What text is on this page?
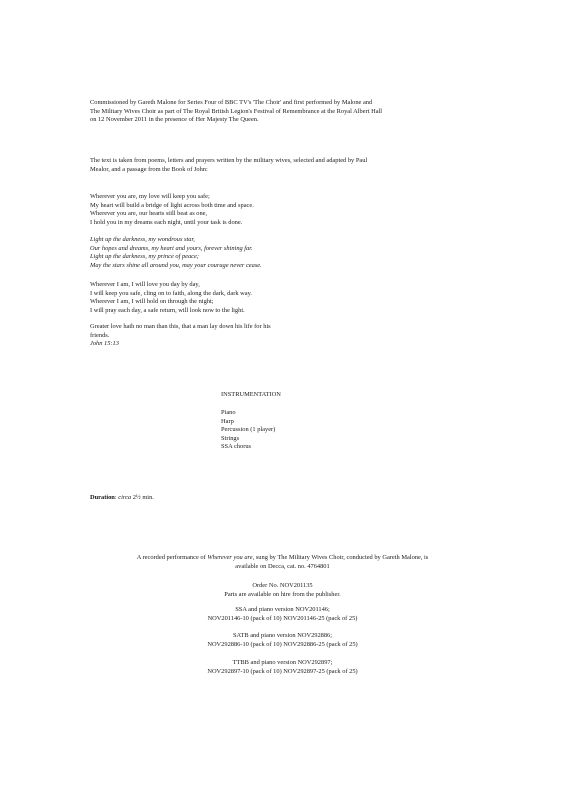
Commissioned by Gareth Malone for Series Four of BBC TV's 'The Choir' and first performed by Malone and
The Military Wives Choir as part of The Royal British Legion's Festival of Remembrance at the Royal Albert Hall
on 12 November 2011 in the presence of Her Majesty The Queen.

The text is taken from poems, letters and prayers written by the military wives, selected and adapted by Paul
Mealor, and a passage from the Book of John:

Wherever you are, my love will keep you safe;
My heart will build a bridge of light across both time and space.
Wherever you are, our hearts still beat as one,
I hold you in my dreams each night, until your task is done.

Light up the darkness, my wondrous star,
Our hopes and dreams, my heart and yours, forever shining far.
Light up the darkness, my prince of peace;
May the stars shine all around you, may your courage never cease.

Wherever I am, I will love you day by day,
I will keep you safe, cling on to faith, along the dark, dark way.
Wherever I am, I will hold on through the night;
I will pray each day, a safe return, will look now to the light.

Greater love hath no man than this, that a man lay down his life for his
friends.
John 15:13

INSTRUMENTATION

Piano
Harp
Percussion (1 player)
Strings
SSA chorus

Duration: circa 2½ min.

A recorded performance of Wherever you are, sung by The Military Wives Choir, conducted by Gareth Malone, is
available on Decca, cat. no. 4764801

Order No. NOV201135
Parts are available on hire from the publisher.

SSA and piano version NOV201146;
NOV201146-10 (pack of 10) NOV201146-25 (pack of 25)

SATB and piano version NOV292886;
NOV292886-10 (pack of 10) NOV292886-25 (pack of 25)

TTBB and piano version NOV292897;
NOV292897-10 (pack of 10) NOV292897-25 (pack of 25)
